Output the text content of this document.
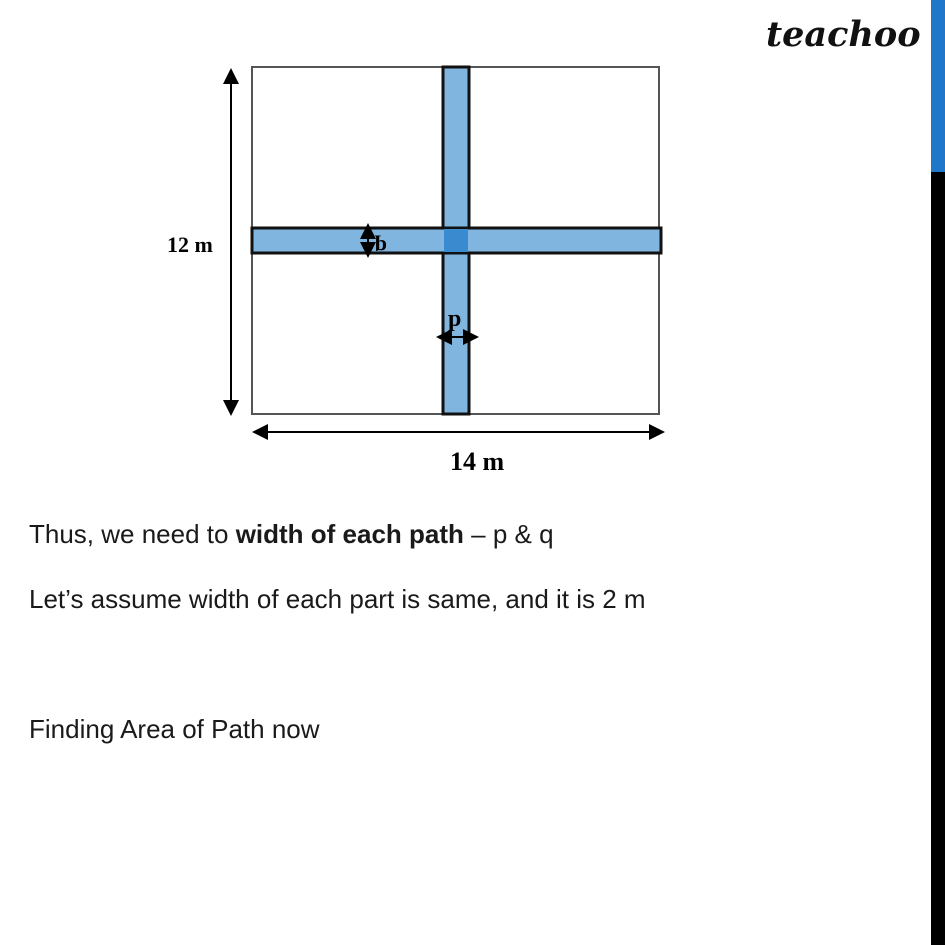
teachoo
12 m
14 m
q
p
Thus, we need to width of each path – p & q
Let’s assume width of each part is same, and it is 2 m
Finding Area of Path now
